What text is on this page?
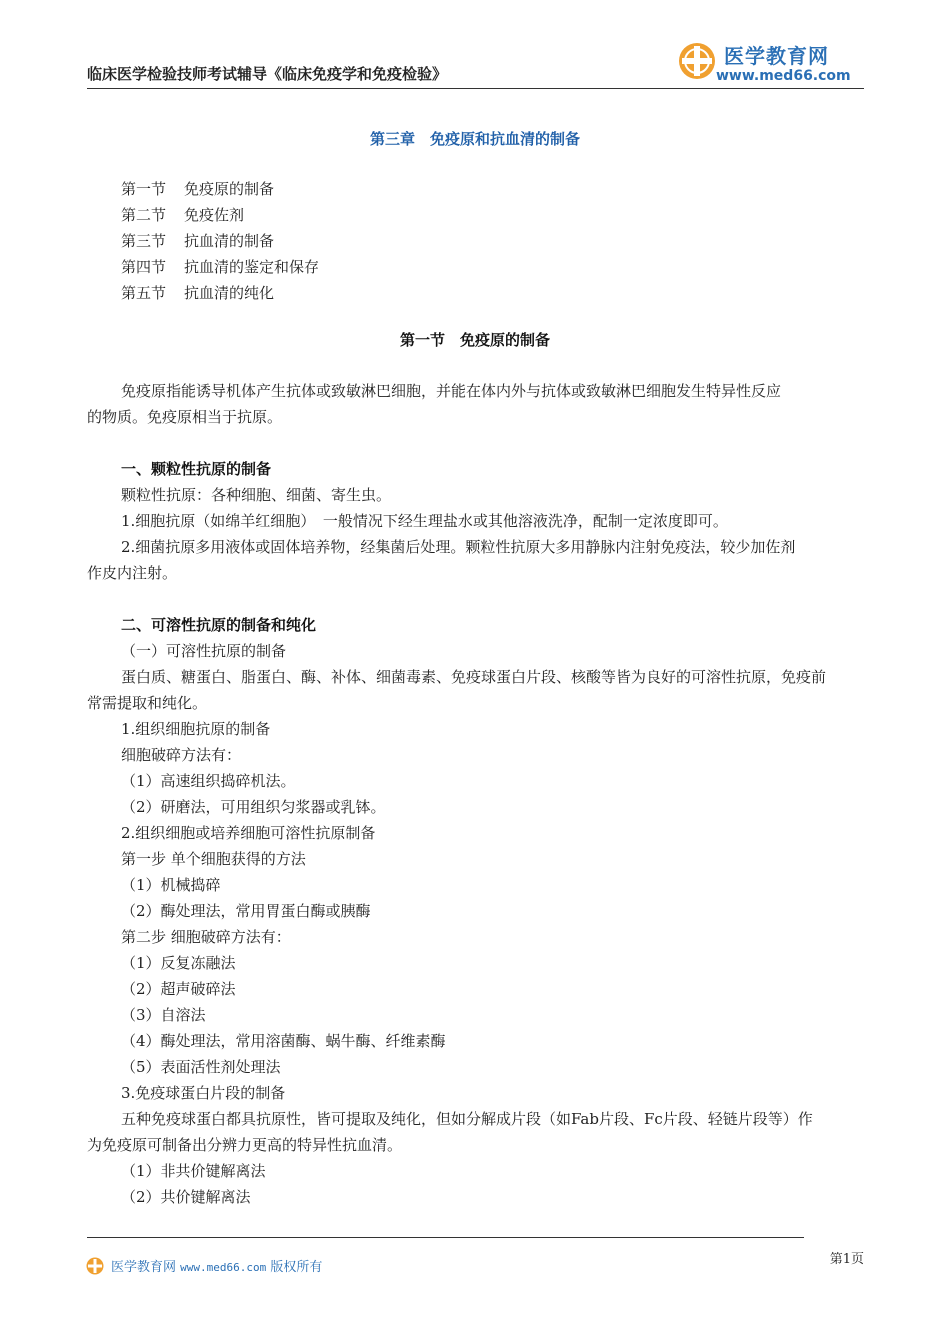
临床医学检验技师考试辅导《临床免疫学和免疫检验》
医学教育网
www.med66.com
第三章　免疫原和抗血清的制备
第一节 免疫原的制备
第二节 免疫佐剂
第三节 抗血清的制备
第四节 抗血清的鉴定和保存
第五节 抗血清的纯化
第一节　免疫原的制备
免疫原指能诱导机体产生抗体或致敏淋巴细胞，并能在体内外与抗体或致敏淋巴细胞发生特异性反应
的物质。免疫原相当于抗原。
一、颗粒性抗原的制备
颗粒性抗原：各种细胞、细菌、寄生虫。
1.细胞抗原（如绵羊红细胞）　一般情况下经生理盐水或其他溶液洗净，配制一定浓度即可。
2.细菌抗原多用液体或固体培养物，经集菌后处理。颗粒性抗原大多用静脉内注射免疫法，较少加佐剂
作皮内注射。
二、可溶性抗原的制备和纯化
（一）可溶性抗原的制备
蛋白质、糖蛋白、脂蛋白、酶、补体、细菌毒素、免疫球蛋白片段、核酸等皆为良好的可溶性抗原，免疫前
常需提取和纯化。
1.组织细胞抗原的制备
细胞破碎方法有：
（1）高速组织捣碎机法。
（2）研磨法，可用组织匀浆器或乳钵。
2.组织细胞或培养细胞可溶性抗原制备
第一步 单个细胞获得的方法
（1）机械捣碎
（2）酶处理法，常用胃蛋白酶或胰酶
第二步 细胞破碎方法有：
（1）反复冻融法
（2）超声破碎法
（3）自溶法
（4）酶处理法，常用溶菌酶、蜗牛酶、纤维素酶
（5）表面活性剂处理法
3.免疫球蛋白片段的制备
五种免疫球蛋白都具抗原性，皆可提取及纯化，但如分解成片段（如Fab片段、Fc片段、轻链片段等）作
为免疫原可制备出分辨力更高的特异性抗血清。
（1）非共价键解离法
（2）共价键解离法
医学教育网 www.med66.com 版权所有
第1页
